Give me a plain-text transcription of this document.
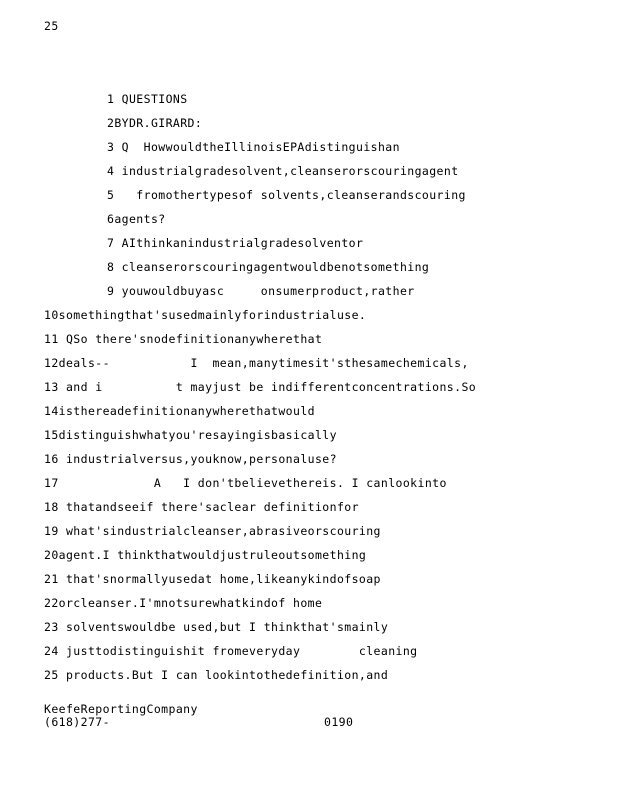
25
1 QUESTIONS
2BYDR.GIRARD:
3 Q  HowwouldtheIllinoisEPAdistinguishan
4 industrialgradesolvent,cleanserorscouringagent
5   fromothertypesof solvents,cleanserandscouring
6agents?
7 AIthinkanindustrialgradesolventor
8 cleanserorscouringagentwouldbenotsomething
9 youwouldbuyasc     onsumerproduct,rather
10somethingthat'susedmainlyforindustrialuse.
11 QSo there'snodefinitionanywherethat
12deals--           I  mean,manytimesit'sthesamechemicals,
13 and i          t mayjust be indifferentconcentrations.So
14isthereadefinitionanywherethatwould
15distinguishwhatyou'resayingisbasically
16 industrialversus,youknow,personaluse?
17             A   I don'tbelievethereis. I canlookinto
18 thatandseeif there'saclear definitionfor
19 what'sindustrialcleanser,abrasiveorscouring
20agent.I thinkthatwouldjustruleoutsomething
21 that'snormallyusedat home,likeanykindofsoap
22orcleanser.I'mnotsurewhatkindof home
23 solventswouldbe used,but I thinkthat'smainly
24 justtodistinguishit fromeveryday        cleaning
25 products.But I can lookintothedefinition,and
KeefeReportingCompany
(618)277-	0190
